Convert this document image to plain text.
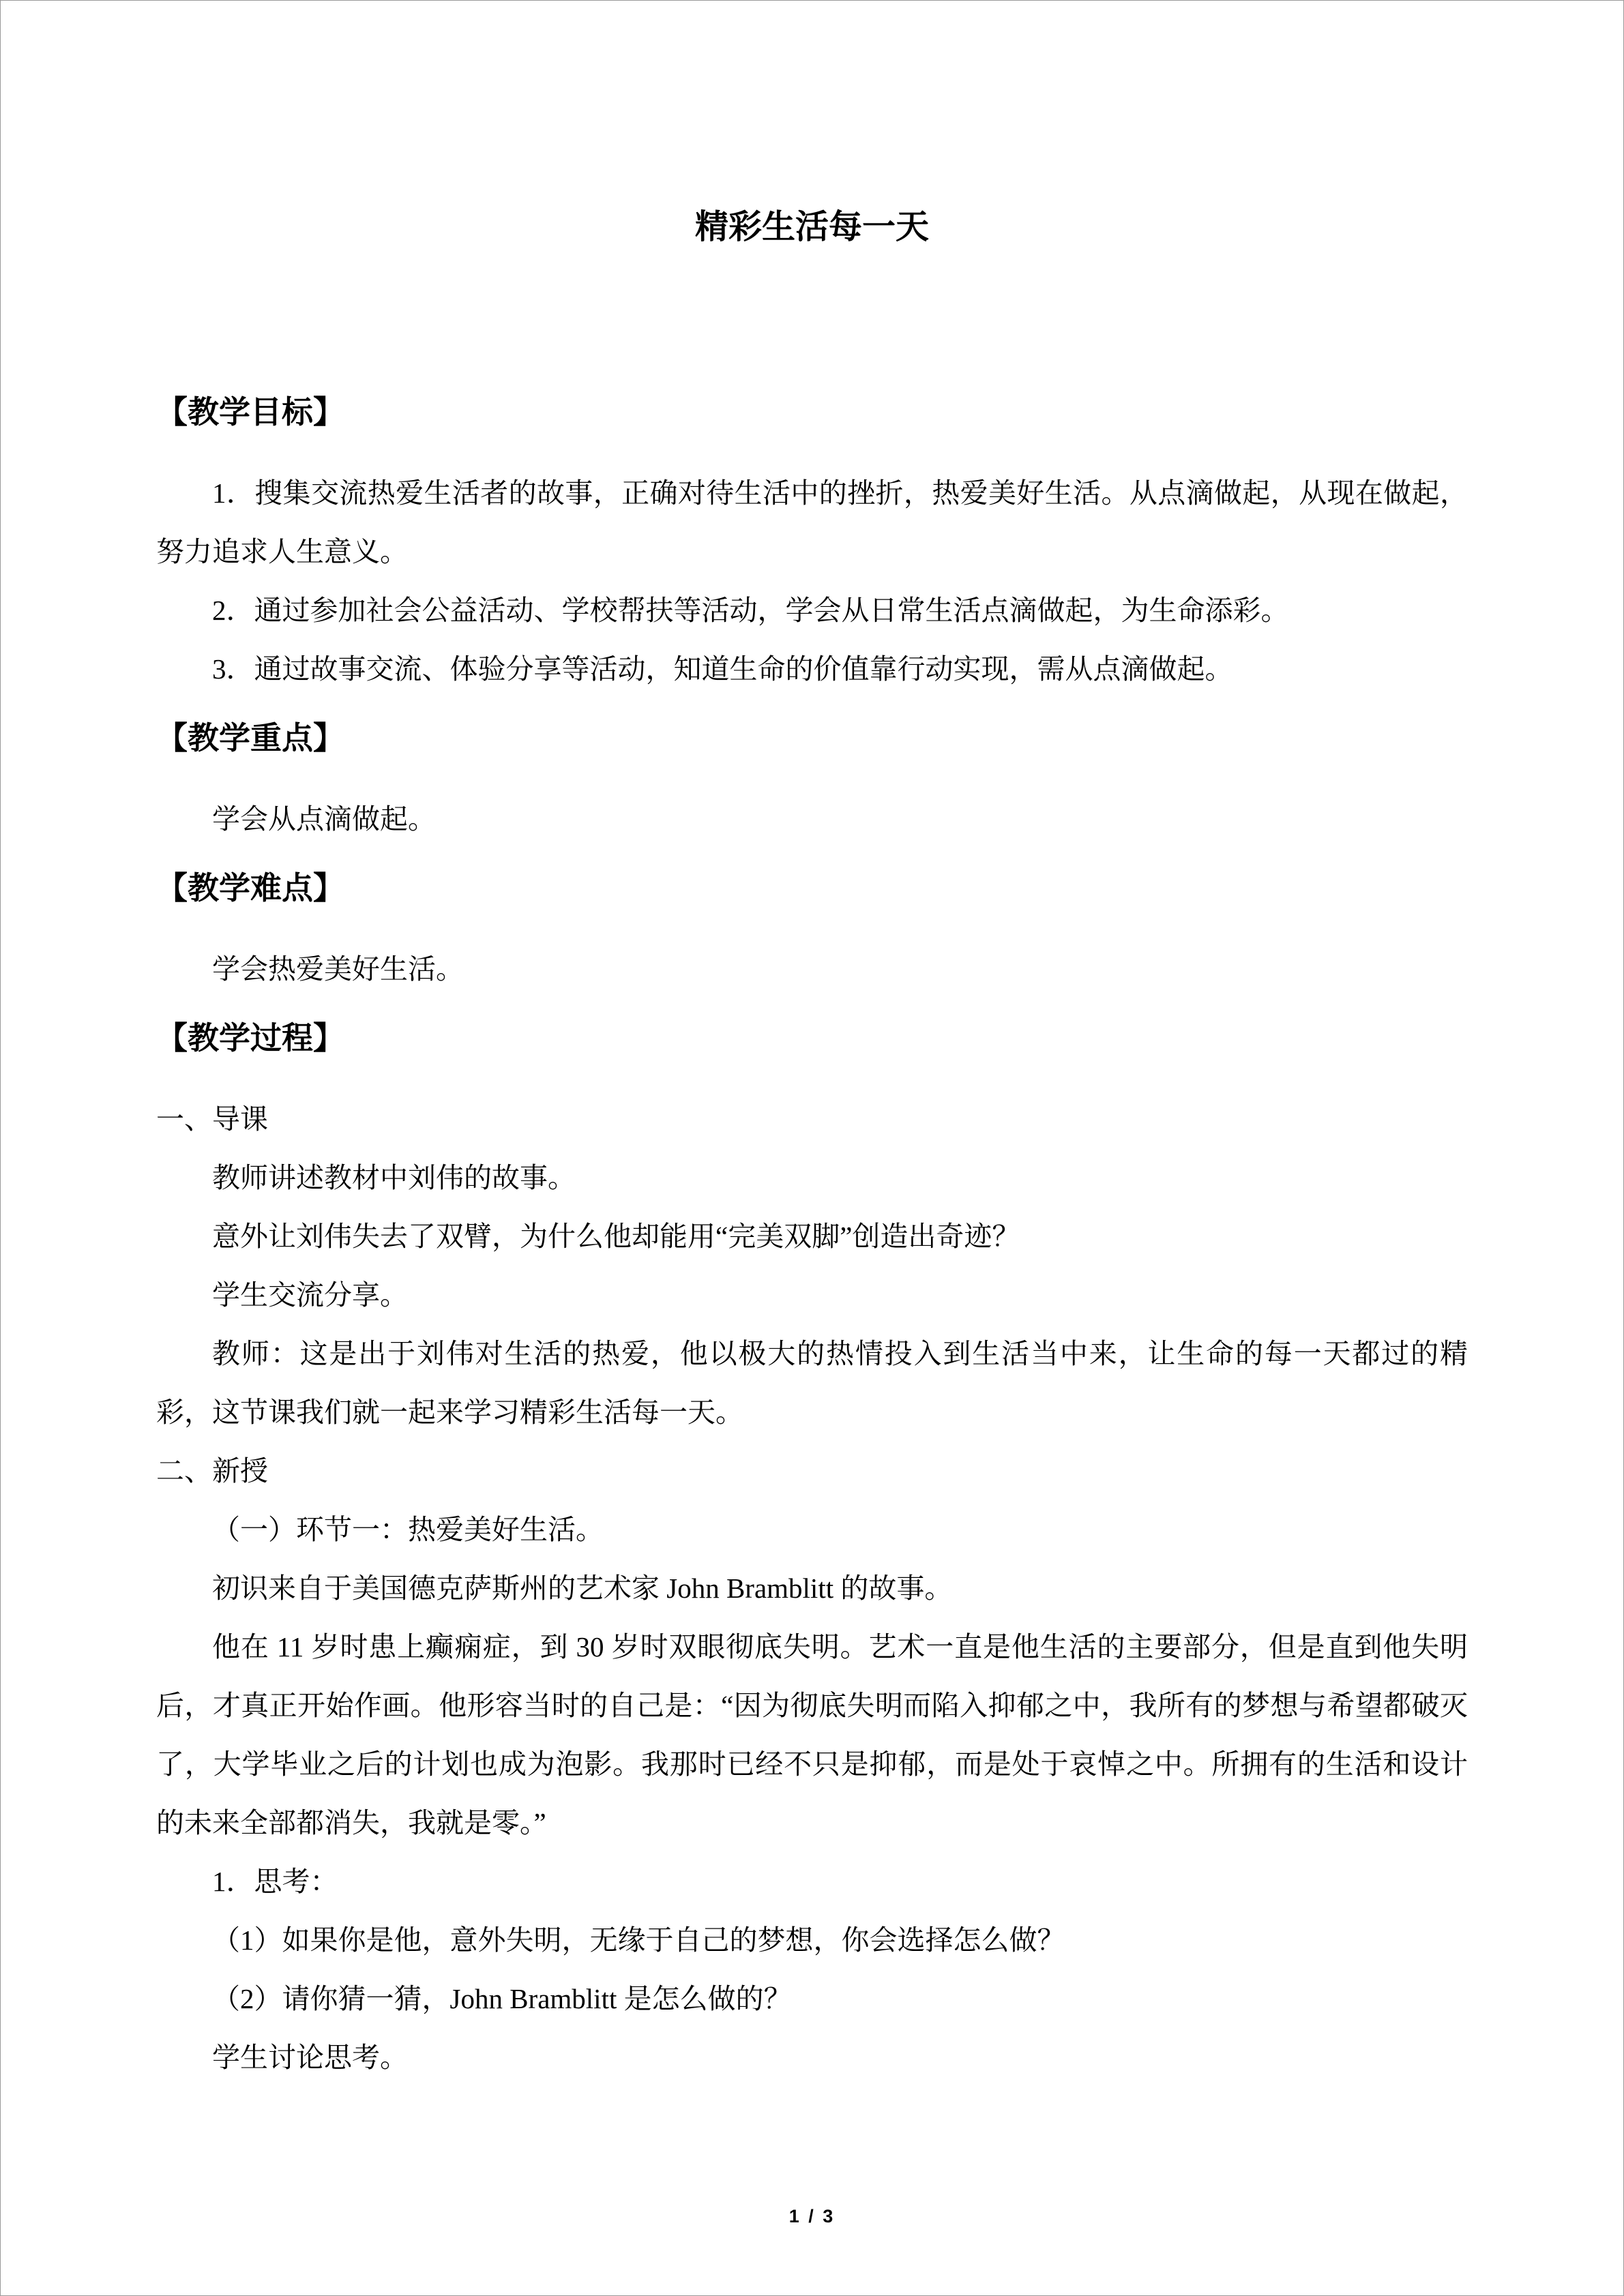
精彩生活每一天
【教学目标】

1．搜集交流热爱生活者的故事，正确对待生活中的挫折，热爱美好生活。从点滴做起，从现在做起，努力追求人生意义。

2．通过参加社会公益活动、学校帮扶等活动，学会从日常生活点滴做起，为生命添彩。

3．通过故事交流、体验分享等活动，知道生命的价值靠行动实现，需从点滴做起。

【教学重点】

学会从点滴做起。

【教学难点】

学会热爱美好生活。

【教学过程】

一、导课

教师讲述教材中刘伟的故事。

意外让刘伟失去了双臂，为什么他却能用“完美双脚”创造出奇迹？

学生交流分享。

教师：这是出于刘伟对生活的热爱，他以极大的热情投入到生活当中来，让生命的每一天都过的精彩，这节课我们就一起来学习精彩生活每一天。

二、新授

（一）环节一：热爱美好生活。

初识来自于美国德克萨斯州的艺术家 John Bramblitt 的故事。

他在 11 岁时患上癫痫症，到 30 岁时双眼彻底失明。艺术一直是他生活的主要部分，但是直到他失明后，才真正开始作画。他形容当时的自己是：“因为彻底失明而陷入抑郁之中，我所有的梦想与希望都破灭了，大学毕业之后的计划也成为泡影。我那时已经不只是抑郁，而是处于哀悼之中。所拥有的生活和设计的未来全部都消失，我就是零。”

1．思考：

（1）如果你是他，意外失明，无缘于自己的梦想，你会选择怎么做？

（2）请你猜一猜，John Bramblitt 是怎么做的？

学生讨论思考。

1 / 3
